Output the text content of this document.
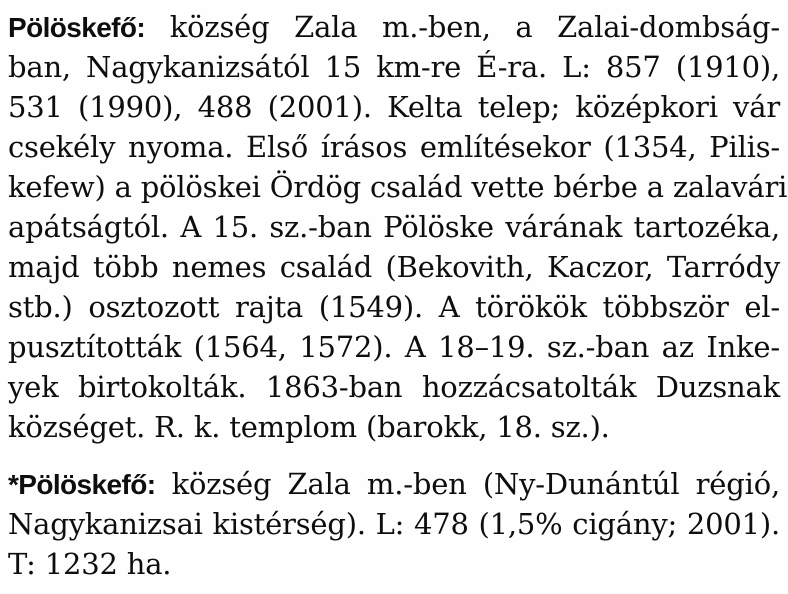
Pölöskefő: község Zala m.-ben, a Zalai-dombság-
ban, Nagykanizsától 15 km-re É-ra. L: 857 (1910),
531 (1990), 488 (2001). Kelta telep; középkori vár
csekély nyoma. Első írásos említésekor (1354, Pilis-
kefew) a pölöskei Ördög család vette bérbe a zalavári
apátságtól. A 15. sz.-ban Pölöske várának tartozéka,
majd több nemes család (Bekovith, Kaczor, Tarródy
stb.) osztozott rajta (1549). A törökök többször el-
pusztították (1564, 1572). A 18–19. sz.-ban az Inke-
yek birtokolták. 1863-ban hozzácsatolták Duzsnak
községet. R. k. templom (barokk, 18. sz.).
*Pölöskefő: község Zala m.-ben (Ny-Dunántúl régió,
Nagykanizsai kistérség). L: 478 (1,5% cigány; 2001).
T: 1232 ha.
